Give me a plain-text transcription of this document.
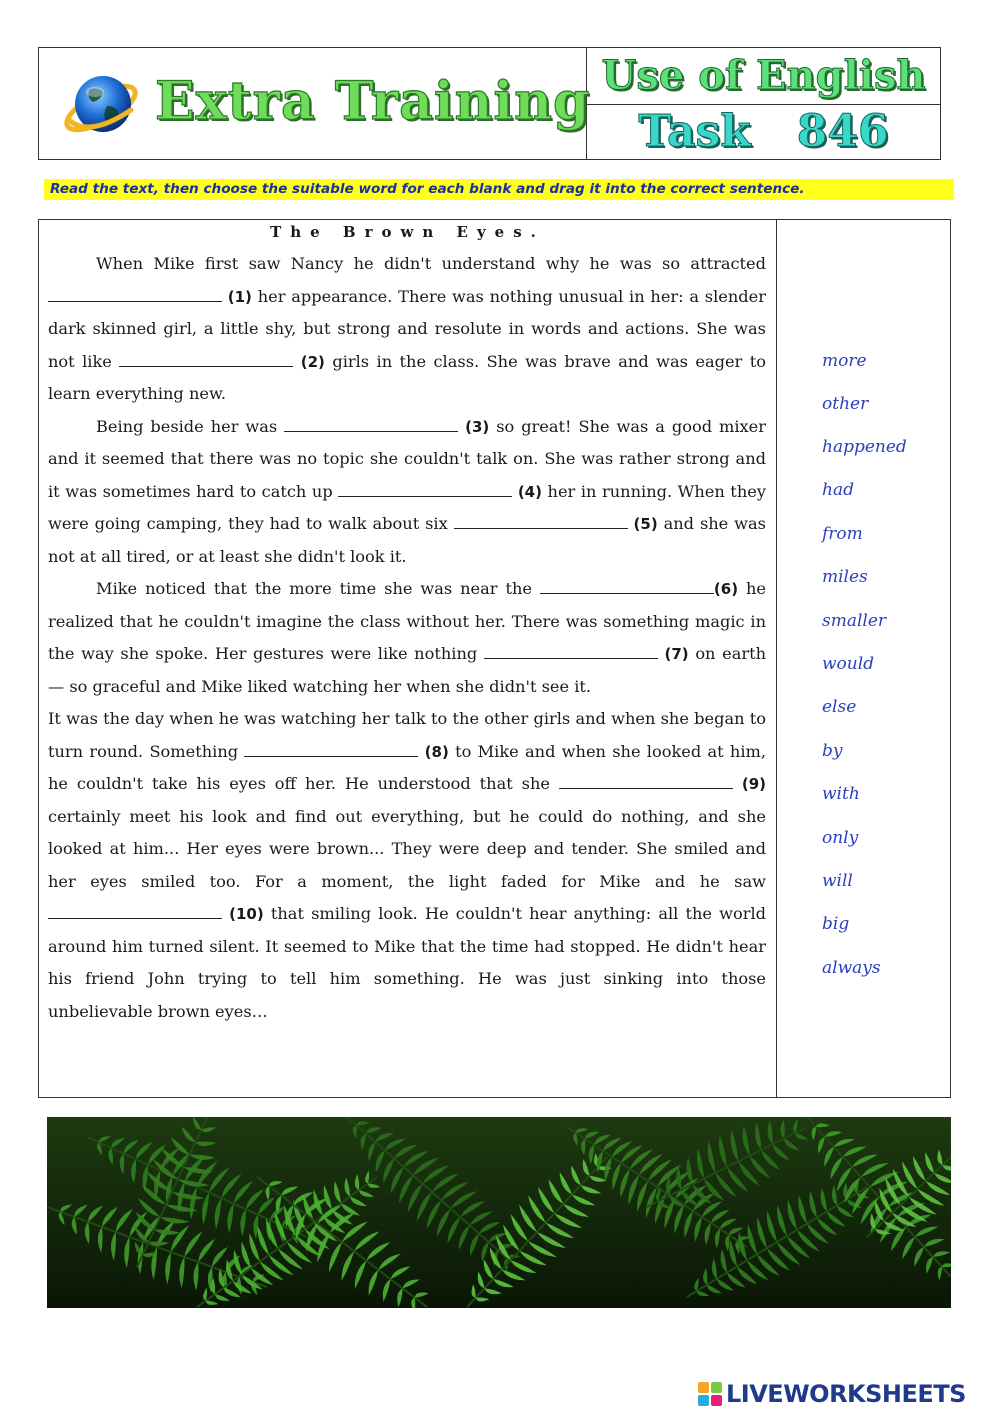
Extra Training Use of English
Task 846
Read the text, then choose the suitable word for each blank and drag it into the correct sentence.
The Brown Eyes.

When Mike first saw Nancy he didn't understand why he was so attracted  (1) her appearance. There was nothing unusual in her: a slender dark skinned girl, a little shy, but strong and resolute in words and actions. She was not like	(2) girls in the class. She was brave and was eager to learn everything new.

Being beside her was	(3) so great! She was a good mixer and it seemed that there was no topic she couldn't talk on. She was rather strong and it was sometimes hard to catch up	(4) her in running. When they were going camping, they had to walk about six	(5) and she was not at all tired, or at least she didn't look it.

Mike noticed that the more time she was near the	(6) he realized that he couldn't imagine the class without her. There was something magic in the way she spoke. Her gestures were like nothing	(7) on earth — so graceful and Mike liked watching her when she didn't see it.

It was the day when he was watching her talk to the other girls and when she began to turn round. Something	(8) to Mike and when she looked at him, he couldn't take his eyes off her. He understood that she	(9) certainly meet his look and find out everything, but he could do nothing, and she looked at him... Her eyes were brown... They were deep and tender. She smiled and her eyes smiled too. For a moment, the light faded for Mike and he saw  (10) that smiling look. He couldn't hear anything: all the world around him turned silent. It seemed to Mike that the time had stopped. He didn't hear his friend John trying to tell him something. He was just sinking into those unbelievable brown eyes…

more
other
happened
had
from
miles
smaller
would
else
by
with
only
will
big
always
LIVEWORKSHEETS
